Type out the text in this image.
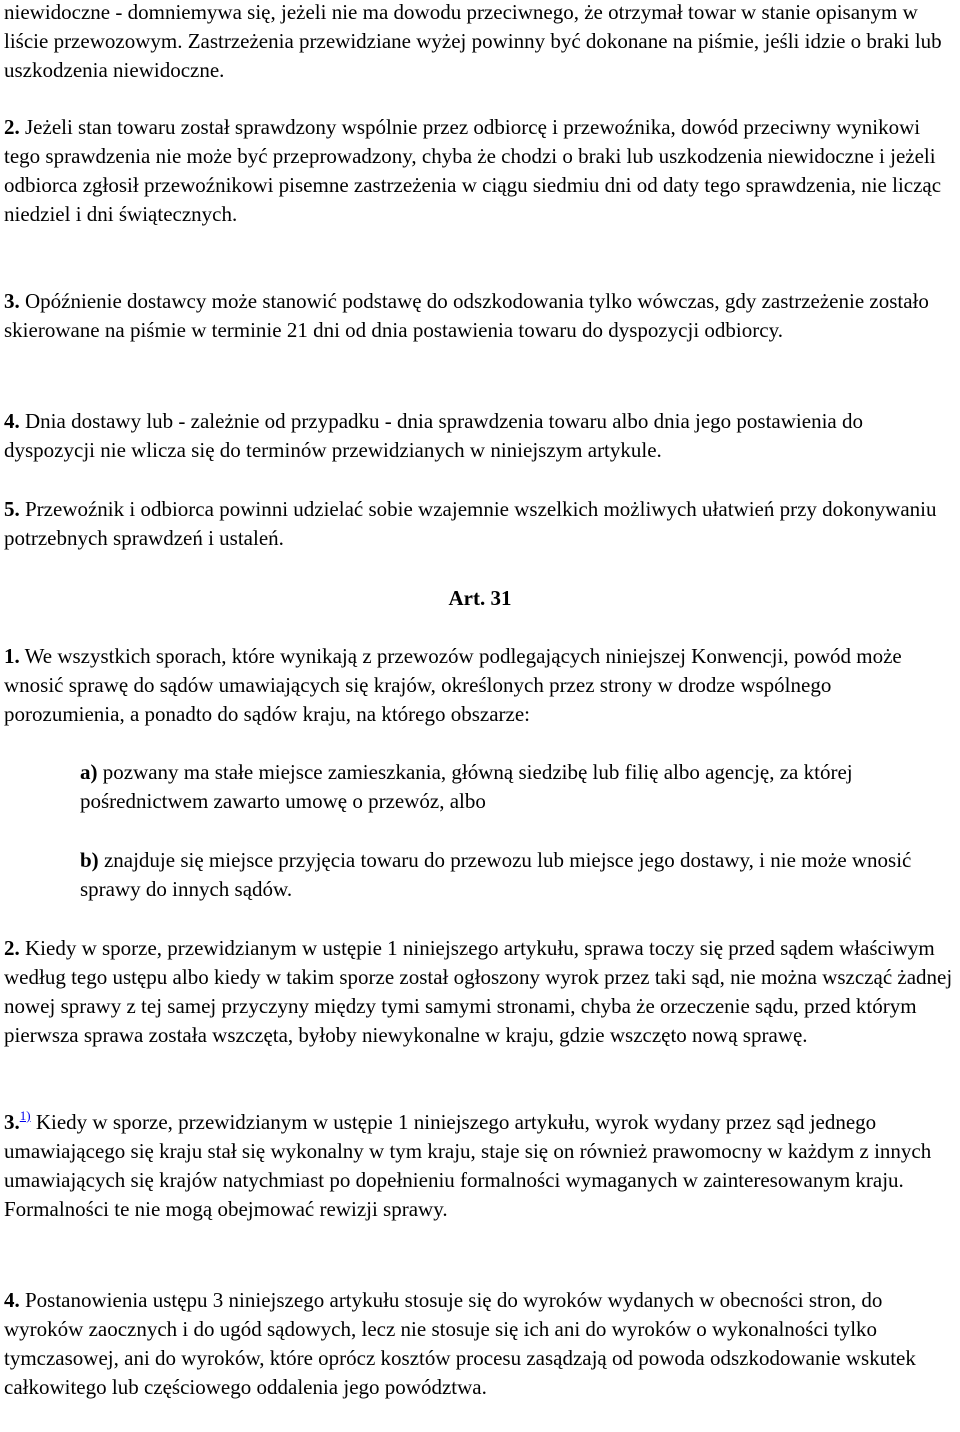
niewidoczne - domniemywa się, jeżeli nie ma dowodu przeciwnego, że otrzymał towar w stanie opisanym w liście przewozowym. Zastrzeżenia przewidziane wyżej powinny być dokonane na piśmie, jeśli idzie o braki lub uszkodzenia niewidoczne.

2. Jeżeli stan towaru został sprawdzony wspólnie przez odbiorcę i przewoźnika, dowód przeciwny wynikowi tego sprawdzenia nie może być przeprowadzony, chyba że chodzi o braki lub uszkodzenia niewidoczne i jeżeli odbiorca zgłosił przewoźnikowi pisemne zastrzeżenia w ciągu siedmiu dni od daty tego sprawdzenia, nie licząc niedziel i dni świątecznych.

3. Opóźnienie dostawcy może stanowić podstawę do odszkodowania tylko wówczas, gdy zastrzeżenie zostało skierowane na piśmie w terminie 21 dni od dnia postawienia towaru do dyspozycji odbiorcy.

4. Dnia dostawy lub - zależnie od przypadku - dnia sprawdzenia towaru albo dnia jego postawienia do dyspozycji nie wlicza się do terminów przewidzianych w niniejszym artykule.

5. Przewoźnik i odbiorca powinni udzielać sobie wzajemnie wszelkich możliwych ułatwień przy dokonywaniu potrzebnych sprawdzeń i ustaleń.

Art. 31

1. We wszystkich sporach, które wynikają z przewozów podlegających niniejszej Konwencji, powód może wnosić sprawę do sądów umawiających się krajów, określonych przez strony w drodze wspólnego porozumienia, a ponadto do sądów kraju, na którego obszarze:

a) pozwany ma stałe miejsce zamieszkania, główną siedzibę lub filię albo agencję, za której pośrednictwem zawarto umowę o przewóz, albo

b) znajduje się miejsce przyjęcia towaru do przewozu lub miejsce jego dostawy, i nie może wnosić sprawy do innych sądów.

2. Kiedy w sporze, przewidzianym w ustępie 1 niniejszego artykułu, sprawa toczy się przed sądem właściwym według tego ustępu albo kiedy w takim sporze został ogłoszony wyrok przez taki sąd, nie można wszcząć żadnej nowej sprawy z tej samej przyczyny między tymi samymi stronami, chyba że orzeczenie sądu, przed którym pierwsza sprawa została wszczęta, byłoby niewykonalne w kraju, gdzie wszczęto nową sprawę.

3.$^{1)}$ Kiedy w sporze, przewidzianym w ustępie 1 niniejszego artykułu, wyrok wydany przez sąd jednego umawiającego się kraju stał się wykonalny w tym kraju, staje się on również prawomocny w każdym z innych umawiających się krajów natychmiast po dopełnieniu formalności wymaganych w zainteresowanym kraju. Formalności te nie mogą obejmować rewizji sprawy.

4. Postanowienia ustępu 3 niniejszego artykułu stosuje się do wyroków wydanych w obecności stron, do wyroków zaocznych i do ugód sądowych, lecz nie stosuje się ich ani do wyroków o wykonalności tylko tymczasowej, ani do wyroków, które oprócz kosztów procesu zasądzają od powoda odszkodowanie wskutek całkowitego lub częściowego oddalenia jego powództwa.
